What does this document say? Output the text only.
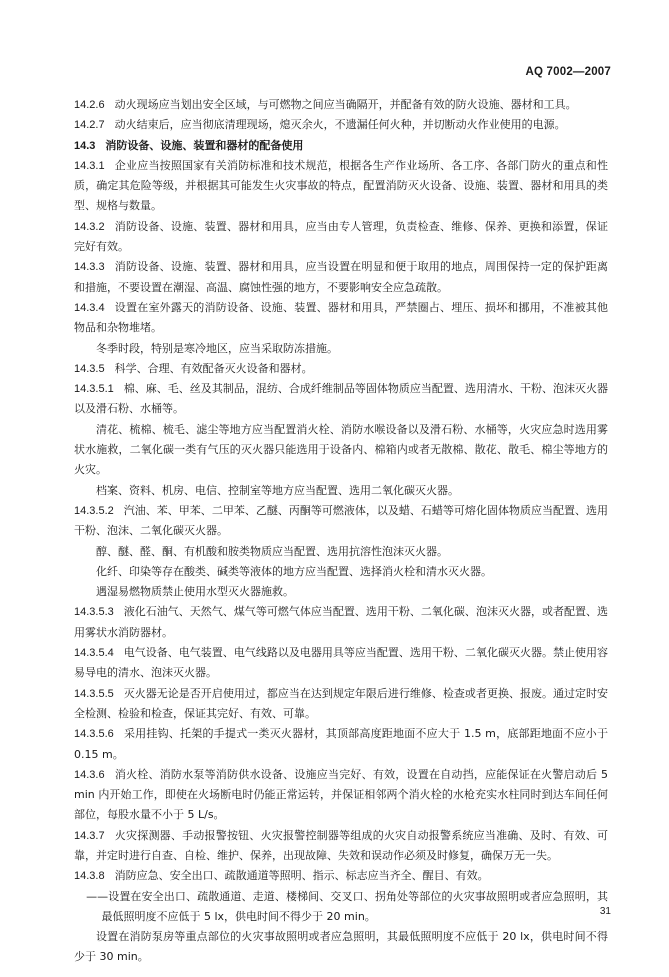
AQ 7002—2007

14.2.6 动火现场应当划出安全区域，与可燃物之间应当确隔开，并配备有效的防火设施、器材和工具。

14.2.7 动火结束后，应当彻底清理现场，熄灭余火，不遗漏任何火种，并切断动火作业使用的电源。

14.3 消防设备、设施、装置和器材的配备使用

14.3.1 企业应当按照国家有关消防标准和技术规范，根据各生产作业场所、各工序、各部门防火的重点和性质，确定其危险等级，并根据其可能发生火灾事故的特点，配置消防灭火设备、设施、装置、器材和用具的类型、规格与数量。

14.3.2 消防设备、设施、装置、器材和用具，应当由专人管理，负责检查、维修、保养、更换和添置，保证完好有效。

14.3.3 消防设备、设施、装置、器材和用具，应当设置在明显和便于取用的地点，周围保持一定的保护距离和措施，不要设置在潮湿、高温、腐蚀性强的地方，不要影响安全应急疏散。

14.3.4 设置在室外露天的消防设备、设施、装置、器材和用具，严禁圈占、埋压、损坏和挪用，不准被其他物品和杂物堆堵。

冬季时段，特别是寒冷地区，应当采取防冻措施。

14.3.5 科学、合理、有效配备灭火设备和器材。

14.3.5.1 棉、麻、毛、丝及其制品，混纺、合成纤维制品等固体物质应当配置、选用清水、干粉、泡沫灭火器以及滑石粉、水桶等。

清花、梳棉、梳毛、滤尘等地方应当配置消火栓、消防水喉设备以及滑石粉、水桶等，火灾应急时选用雾状水施救，二氧化碳一类有气压的灭火器只能选用于设备内、棉箱内或者无散棉、散花、散毛、棉尘等地方的火灾。

档案、资料、机房、电信、控制室等地方应当配置、选用二氧化碳灭火器。

14.3.5.2 汽油、苯、甲苯、二甲苯、乙醚、丙酮等可燃液体，以及蜡、石蜡等可熔化固体物质应当配置、选用干粉、泡沫、二氧化碳灭火器。

醇、醚、醛、酮、有机酸和胺类物质应当配置、选用抗溶性泡沫灭火器。

化纤、印染等存在酸类、碱类等液体的地方应当配置、选择消火栓和清水灭火器。

遇湿易燃物质禁止使用水型灭火器施救。

14.3.5.3 液化石油气、天然气、煤气等可燃气体应当配置、选用干粉、二氧化碳、泡沫灭火器，或者配置、选用雾状水消防器材。

14.3.5.4 电气设备、电气装置、电气线路以及电器用具等应当配置、选用干粉、二氧化碳灭火器。禁止使用容易导电的清水、泡沫灭火器。

14.3.5.5 灭火器无论是否开启使用过，都应当在达到规定年限后进行维修、检查或者更换、报废。通过定时安全检测、检验和检查，保证其完好、有效、可靠。

14.3.5.6 采用挂钩、托架的手提式一类灭火器材，其顶部高度距地面不应大于 1.5 m，底部距地面不应小于 0.15 m。

14.3.6 消火栓、消防水泵等消防供水设备、设施应当完好、有效，设置在自动挡，应能保证在火警启动后 5 min 内开始工作，即使在火场断电时仍能正常运转，并保证相邻两个消火栓的水枪充实水柱同时到达车间任何部位，每股水量不小于 5 L/s。

14.3.7 火灾探测器、手动报警按钮、火灾报警控制器等组成的火灾自动报警系统应当准确、及时、有效、可靠，并定时进行自查、自检、维护、保养，出现故障、失效和误动作必须及时修复，确保万无一失。

14.3.8 消防应急、安全出口、疏散通道等照明、指示、标志应当齐全、醒目、有效。

——设置在安全出口、疏散通道、走道、楼梯间、交叉口、拐角处等部位的火灾事故照明或者应急照明，其最低照明度不应低于 5 lx，供电时间不得少于 20 min。

设置在消防泵房等重点部位的火灾事故照明或者应急照明，其最低照明度不应低于 20 lx，供电时间不得少于 30 min。

31
